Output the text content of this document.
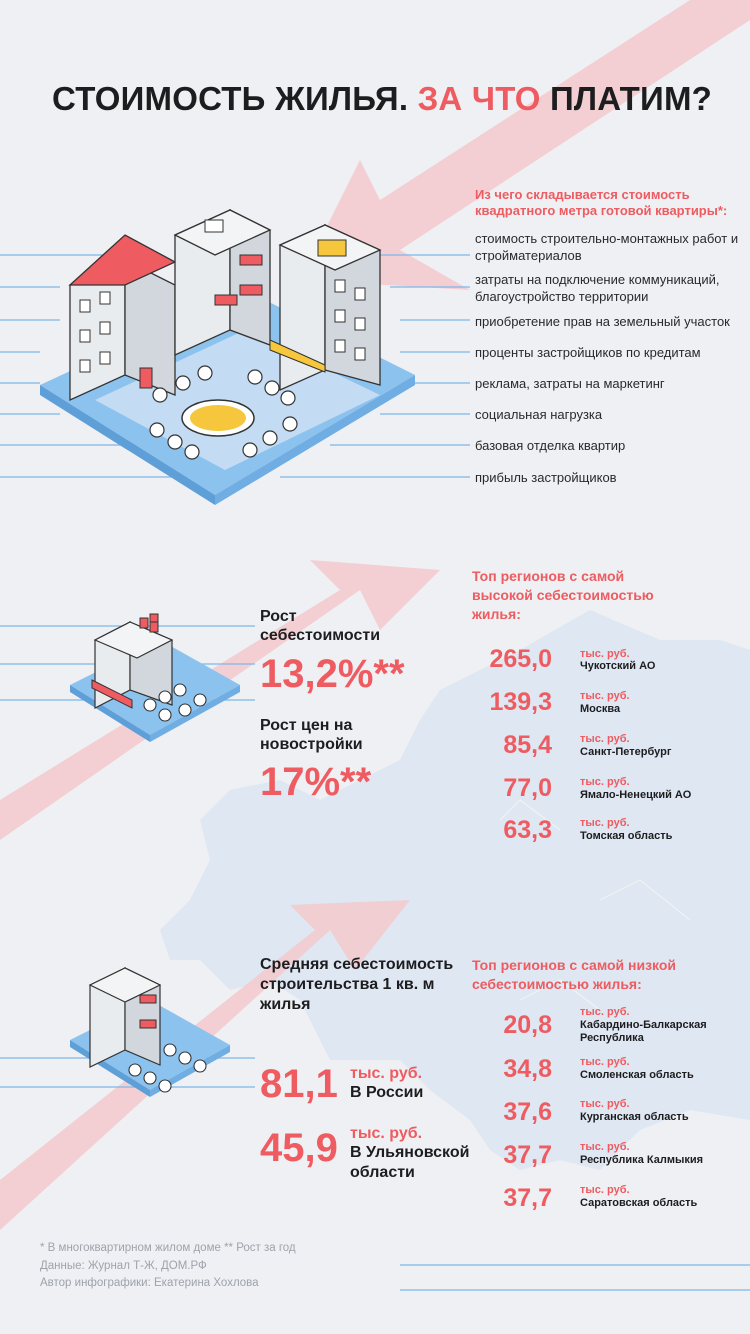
СТОИМОСТЬ ЖИЛЬЯ. ЗА ЧТО ПЛАТИМ?
Из чего складывается стоимость квадратного метра готовой квартиры*:
стоимость строительно-монтажных работ и стройматериалов
затраты на подключение коммуникаций, благоустройство территории
приобретение прав на земельный участок
проценты застройщиков по кредитам
реклама, затраты на маркетинг
социальная нагрузка
базовая отделка квартир
прибыль застройщиков
Рост себестоимости
13,2%**
Рост цен на новостройки
17%**
Топ регионов с самой высокой себестоимостью жилья:
265,0	тыс. руб.
Чукотский АО
139,3	тыс. руб.
Москва
85,4	тыс. руб.
Санкт-Петербург
77,0	тыс. руб.
Ямало-Ненецкий АО
63,3	тыс. руб.
Томская область
Средняя себестоимость строительства 1 кв. м жилья
81,1 тыс. руб.
В России
45,9 тыс. руб.
В Ульяновской области
Топ регионов с самой низкой себестоимостью жилья:
20,8	тыс. руб.
Кабардино-Балкарская Республика
34,8	тыс. руб.
Смоленская область
37,6	тыс. руб.
Курганская область
37,7	тыс. руб.
Республика Калмыкия
37,7	тыс. руб.
Саратовская область
* В многоквартирном жилом доме ** Рост за год
Данные: Журнал Т-Ж, ДОМ.РФ
Автор инфографики: Екатерина Хохлова
